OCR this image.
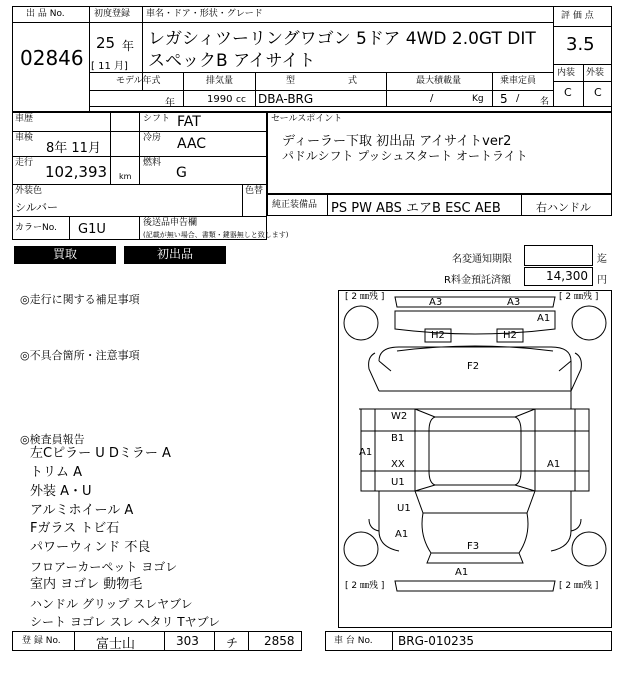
出 品 No.
02846
初度登録
25 年
[ 11 月]
車名・ドア・形状・グレード
レガシィツーリングワゴン 5ドア 4WD 2.0GT DIT
スペックB アイサイト
評 価 点
3.5
内装 外装
C C
モデル年式
年
排気量
1990 cc
型	式
DBA-BRG
最大積載量
/	Kg
乗車定員
5 / 名
車歴	シフト FAT
車検
8年 11月
冷房 AAC
走行 102,393 km
燃料
G
外装色
シルバー
色替
カラーNo. G1U	後送品申告欄
(記載が無い場合、書類・鍵器無しと致します)
セールスポイント
ディーラー下取 初出品 アイサイトver2
パドルシフト プッシュスタート オートライト
純正装備品 PS PW ABS エアB ESC AEB	右ハンドル
買取	初出品	名変通知期限	迄
R料金預託済額	14,300 円
◎走行に関する補足事項
◎不具合箇所・注意事項
◎検査員報告
左Cピラー U Dミラー A
トリム A
外装 A・U
アルミホイール A
Fガラス トビ石
パワーウィンド 不良
フロアーカーペット ヨゴレ
室内 ヨゴレ 動物毛
ハンドル グリップ スレヤブレ
シート ヨゴレ スレ ヘタリ Tヤブレ
[ 2 ㎜残 ]	[ 2 ㎜残 ]
[ 2 ㎜残 ]	[ 2 ㎜残 ]
A3	A3
A1
H2	H2
F2
W2
B1
A1
XX
U1
A1
U1
A1
F3
A1
登 録 No.	富士山	303 チ 2858	車 台 No. BRG-010235
